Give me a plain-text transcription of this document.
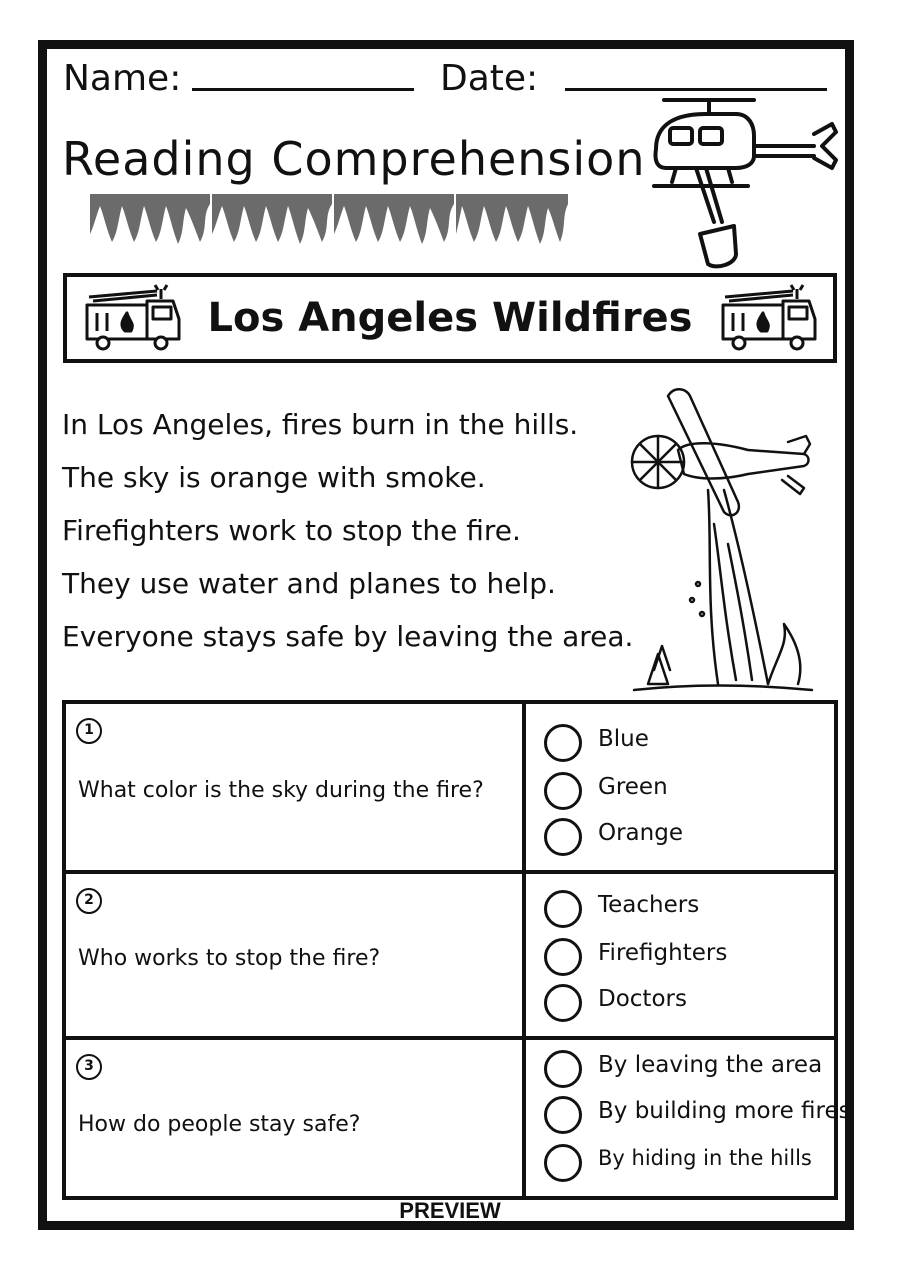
Name:	Date:
Reading Comprehension
Los Angeles Wildfires
In Los Angeles, fires burn in the hills.
The sky is orange with smoke.
Firefighters work to stop the fire.
They use water and planes to help.
Everyone stays safe by leaving the area.
1
What color is the sky during the fire?
Blue
Green
Orange
2
Who works to stop the fire?
Teachers
Firefighters
Doctors
3
How do people stay safe?
By leaving the area
By building more fires
By hiding in the hills
PREVIEW
